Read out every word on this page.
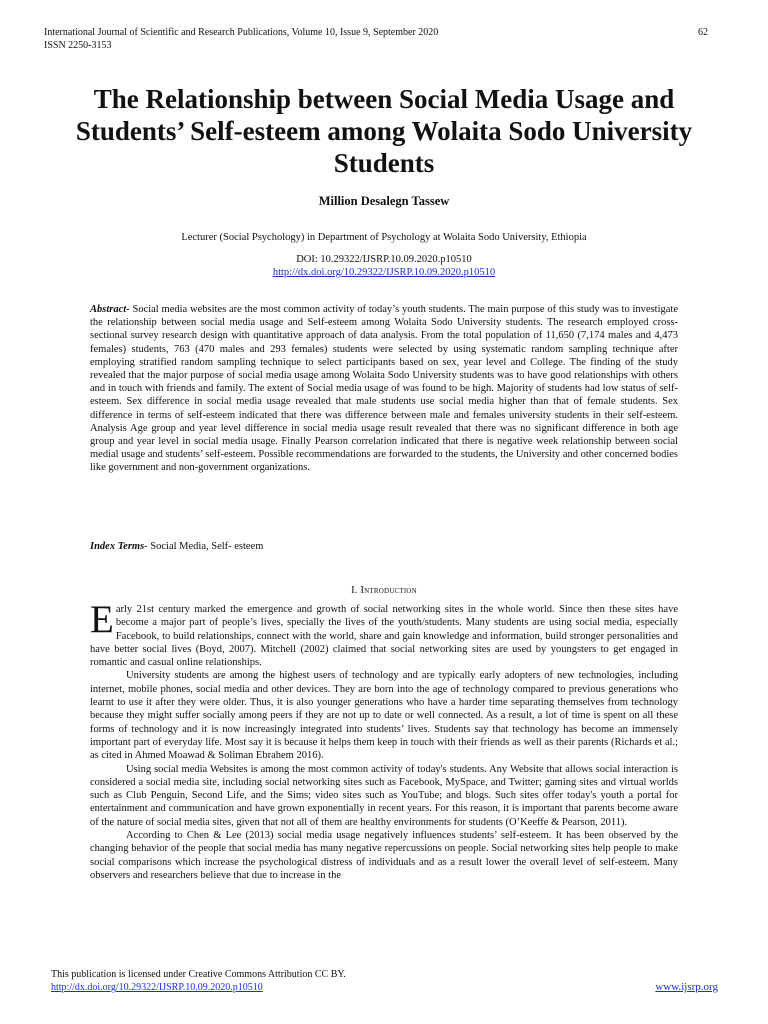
International Journal of Scientific and Research Publications, Volume 10, Issue 9, September 2020
ISSN 2250-3153
62
The Relationship between Social Media Usage and Students’ Self-esteem among Wolaita Sodo University Students
Million Desalegn Tassew
Lecturer (Social Psychology) in Department of Psychology at Wolaita Sodo University, Ethiopia
DOI: 10.29322/IJSRP.10.09.2020.p10510
http://dx.doi.org/10.29322/IJSRP.10.09.2020.p10510
Abstract- Social media websites are the most common activity of today’s youth students. The main purpose of this study was to investigate the relationship between social media usage and Self-esteem among Wolaita Sodo University students. The research employed cross-sectional survey research design with quantitative approach of data analysis. From the total population of 11,650 (7,174 males and 4,473 females) students, 763 (470 males and 293 females) students were selected by using systematic random sampling technique after employing stratified random sampling technique to select participants based on sex, year level and College. The finding of the study revealed that the major purpose of social media usage among Wolaita Sodo University students was to have good relationships with others and in touch with friends and family. The extent of Social media usage of was found to be high. Majority of students had low status of self-esteem. Sex difference in social media usage revealed that male students use social media higher than that of female students. Sex difference in terms of self-esteem indicated that there was difference between male and females university students in their self-esteem. Analysis Age group and year level difference in social media usage result revealed that there was no significant difference in both age group and year level in social media usage. Finally Pearson correlation indicated that there is negative week relationship between social medial usage and students’ self-esteem. Possible recommendations are forwarded to the students, the University and other concerned bodies like government and non-government organizations.
Index Terms- Social Media, Self- esteem
I. Introduction

Early 21st century marked the emergence and growth of social networking sites in the whole world. Since then these sites have become a major part of people’s lives, specially the lives of the youth/students. Many students are using social media, especially Facebook, to build relationships, connect with the world, share and gain knowledge and information, build stronger personalities and have better social lives (Boyd, 2007). Mitchell (2002) claimed that social networking sites are used by youngsters to get engaged in romantic and casual online relationships.

University students are among the highest users of technology and are typically early adopters of new technologies, including internet, mobile phones, social media and other devices. They are born into the age of technology compared to previous generations who learnt to use it after they were older. Thus, it is also younger generations who have a harder time separating themselves from technology because they might suffer socially among peers if they are not up to date or well connected. As a result, a lot of time is spent on all these forms of technology and it is now increasingly integrated into students’ lives. Students say that technology has become an immensely important part of everyday life. Most say it is because it helps them keep in touch with their friends as well as their parents (Richards et al.; as cited in Ahmed Moawad & Soliman Ebrahem 2016).

Using social media Websites is among the most common activity of today's students. Any Website that allows social interaction is considered a social media site, including social networking sites such as Facebook, MySpace, and Twitter; gaming sites and virtual worlds such as Club Penguin, Second Life, and the Sims; video sites such as YouTube; and blogs. Such sites offer today's youth a portal for entertainment and communication and have grown exponentially in recent years. For this reason, it is important that parents become aware of the nature of social media sites, given that not all of them are healthy environments for students (O’Keeffe & Pearson, 2011).

According to Chen & Lee (2013) social media usage negatively influences students’ self-esteem. It has been observed by the changing behavior of the people that social media has many negative repercussions on people. Social networking sites help people to make social comparisons which increase the psychological distress of individuals and as a result lower the overall level of self-esteem. Many observers and researchers believe that due to increase in the

This publication is licensed under Creative Commons Attribution CC BY.
http://dx.doi.org/10.29322/IJSRP.10.09.2020.p10510	www.ijsrp.org
